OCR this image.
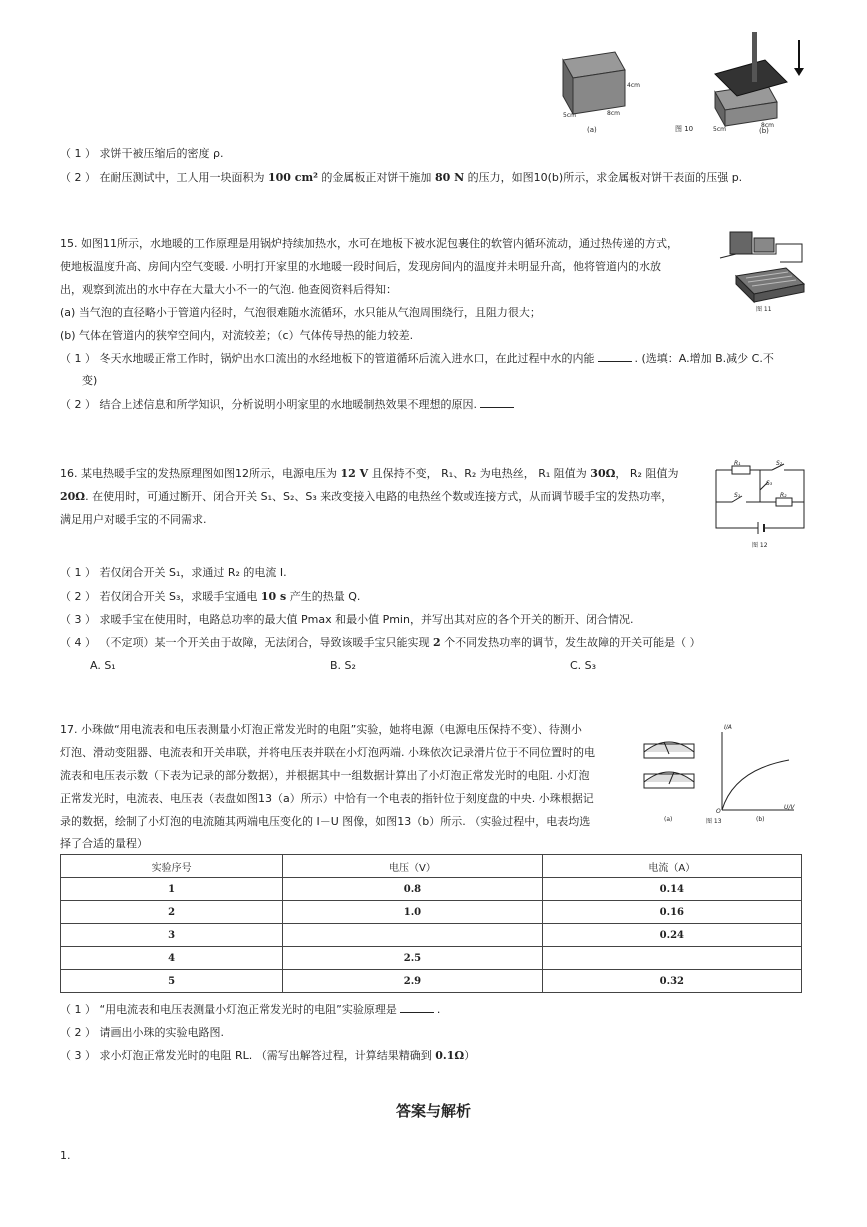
4cm
5cm	8cm
5cm
8cm
(a)	图 10	(b)
（ 1 ） 求饼干被压缩后的密度 ρ.
（ 2 ） 在耐压测试中，工人用一块面积为 100 cm² 的金属板正对饼干施加 80 N 的压力，如图10(b)所示，求金属板对饼干表面的压强 p.
图 11
15. 如图11所示，水地暖的工作原理是用锅炉持续加热水，水可在地板下被水泥包裹住的软管内循环流动，通过热传递的方式，
使地板温度升高、房间内空气变暖. 小明打开家里的水地暖一段时间后，发现房间内的温度并未明显升高，他将管道内的水放
出，观察到流出的水中存在大量大小不一的气泡. 他查阅资料后得知：
(a) 当气泡的直径略小于管道内径时，气泡很难随水流循环，水只能从气泡周围绕行，且阻力很大；
(b) 气体在管道内的狭窄空间内，对流较差；（c）气体传导热的能力较差.
（ 1 ） 冬天水地暖正常工作时，锅炉出水口流出的水经地板下的管道循环后流入进水口，在此过程中水的内能	. (选填：A.增加 B.减少 C.不
变)
（ 2 ） 结合上述信息和所学知识，分析说明小明家里的水地暖制热效果不理想的原因.
R₁	S₂
S₃
S₁	R₂
图 12
16. 某电热暖手宝的发热原理图如图12所示，电源电压为 12 V 且保持不变， R₁、R₂ 为电热丝， R₁ 阻值为 30Ω， R₂ 阻值为
20Ω. 在使用时，可通过断开、闭合开关 S₁、S₂、S₃ 来改变接入电路的电热丝个数或连接方式，从而调节暖手宝的发热功率，
满足用户对暖手宝的不同需求.
（ 1 ） 若仅闭合开关 S₁，求通过 R₂ 的电流 I.
（ 2 ） 若仅闭合开关 S₃，求暖手宝通电 10 s 产生的热量 Q.
（ 3 ） 求暖手宝在使用时，电路总功率的最大值 Pmax 和最小值 Pmin，并写出其对应的各个开关的断开、闭合情况.
（ 4 ） （不定项）某一个开关由于故障，无法闭合，导致该暖手宝只能实现 2 个不同发热功率的调节，发生故障的开关可能是（ ）
A. S₁	B. S₂	C. S₃
I/A
U/V
O
(a)	图 13	(b)
17. 小珠做“用电流表和电压表测量小灯泡正常发光时的电阻”实验，她将电源（电源电压保持不变）、待测小
灯泡、滑动变阻器、电流表和开关串联，并将电压表并联在小灯泡两端. 小珠依次记录滑片位于不同位置时的电
流表和电压表示数（下表为记录的部分数据），并根据其中一组数据计算出了小灯泡正常发光时的电阻. 小灯泡
正常发光时，电流表、电压表（表盘如图13（a）所示）中恰有一个电表的指针位于刻度盘的中央. 小珠根据记
录的数据，绘制了小灯泡的电流随其两端电压变化的 I－U 图像，如图13（b）所示. （实验过程中，电表均选
择了合适的量程）
实验序号	电压（V）	电流（A）
1	0.8	0.14
2	1.0	0.16
3		0.24
4	2.5	
5	2.9	0.32
（ 1 ） “用电流表和电压表测量小灯泡正常发光时的电阻”实验原理是	.
（ 2 ） 请画出小珠的实验电路图.
（ 3 ） 求小灯泡正常发光时的电阻 RL. （需写出解答过程，计算结果精确到 0.1Ω）
答案与解析
1.
